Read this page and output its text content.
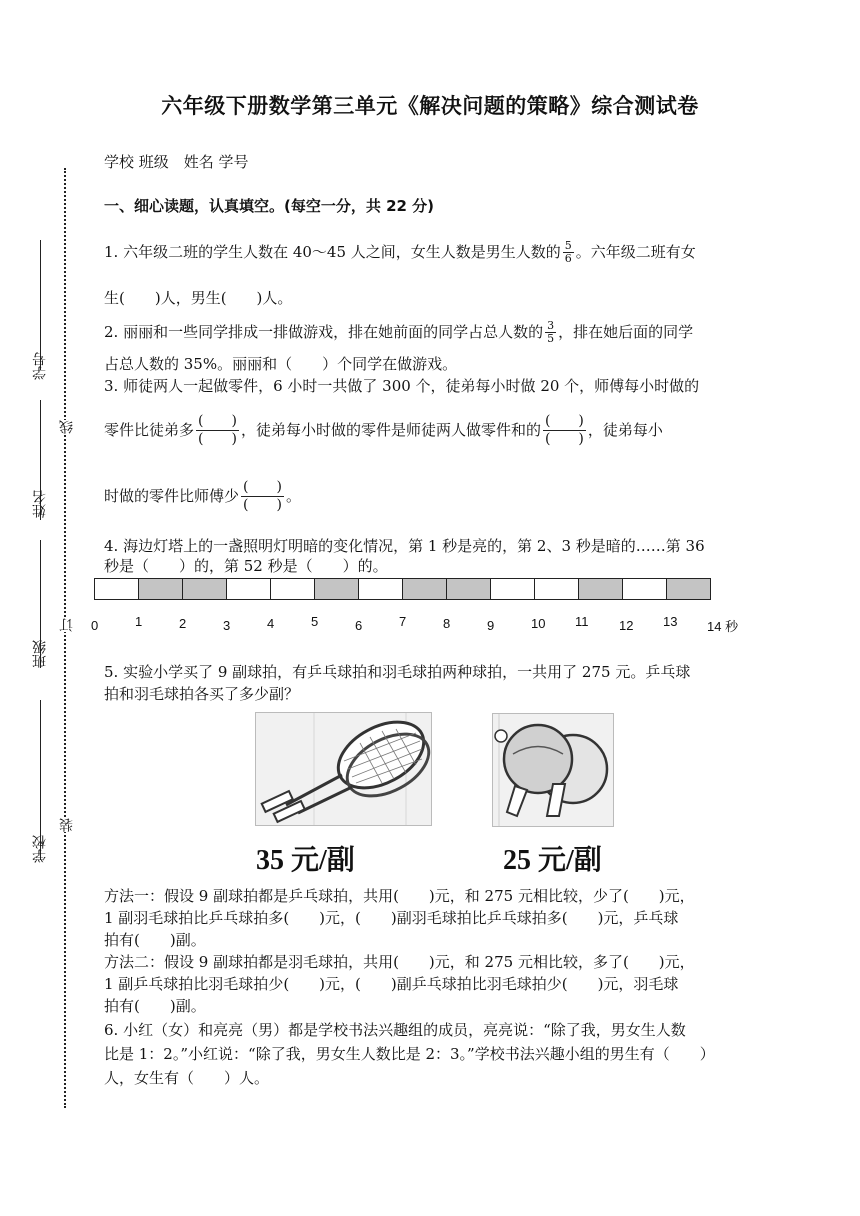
六年级下册数学第三单元《解决问题的策略》综合测试卷
学校 班级　姓名 学号
学号
姓名
班级
学校
线
订
装
一、细心读题，认真填空。(每空一分，共 22 分)
1. 六年级二班的学生人数在 40～45 人之间，女生人数是男生人数的 $\frac{5}{6}$ 。六年级二班有女
生(　　)人，男生(　　)人。
2. 丽丽和一些同学排成一排做游戏，排在她前面的同学占总人数的 $\frac{3}{5}$ ，排在她后面的同学
占总人数的 35%。丽丽和（　　）个同学在做游戏。
3. 师徒两人一起做零件，6 小时一共做了 300 个，徒弟每小时做 20 个，师傅每小时做的
零件比徒弟多 $\frac{( )}{( )}$ ，徒弟每小时做的零件是师徒两人做零件和的 $\frac{( )}{( )}$ ，徒弟每小
时做的零件比师傅少 $\frac{( )}{( )}$ 。
4. 海边灯塔上的一盏照明灯明暗的变化情况，第 1 秒是亮的，第 2、3 秒是暗的……第 36
秒是（　　）的，第 52 秒是（　　）的。
0	1	2	3	4	5	6	7	8	9	10 11 12 13 14 秒
5. 实验小学买了 9 副球拍，有乒乓球拍和羽毛球拍两种球拍，一共用了 275 元。乒乓球
拍和羽毛球拍各买了多少副？
35 元/副	25 元/副
方法一：假设 9 副球拍都是乒乓球拍，共用(　　)元，和 275 元相比较，少了(　　)元，
1 副羽毛球拍比乒乓球拍多(　　)元，(　　)副羽毛球拍比乒乓球拍多(　　)元，乒乓球
拍有(　　)副。
方法二：假设 9 副球拍都是羽毛球拍，共用(　　)元，和 275 元相比较，多了(　　)元，
1 副乒乓球拍比羽毛球拍少(　　)元，(　　)副乒乓球拍比羽毛球拍少(　　)元，羽毛球
拍有(　　)副。
6. 小红（女）和亮亮（男）都是学校书法兴趣组的成员，亮亮说：“除了我，男女生人数
比是 1：2。”小红说：“除了我，男女生人数比是 2：3。”学校书法兴趣小组的男生有（　　）
人，女生有（　　）人。
